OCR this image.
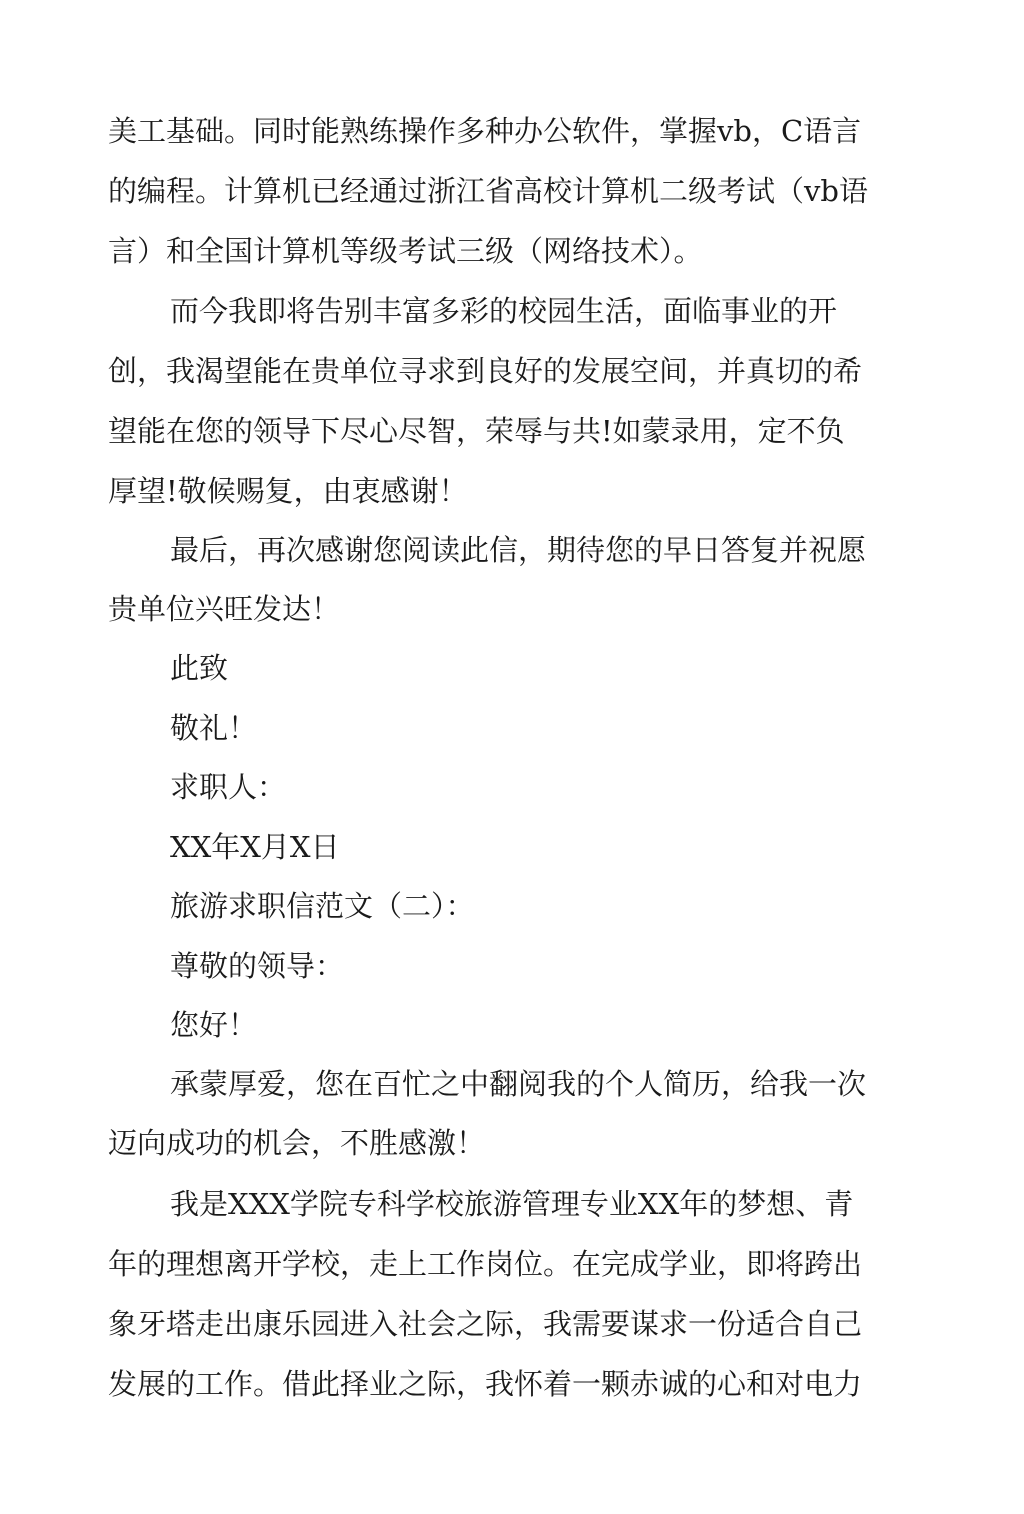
美工基础。同时能熟练操作多种办公软件，掌握vb，C语言
的编程。计算机已经通过浙江省高校计算机二级考试（vb语
言）和全国计算机等级考试三级（网络技术）。
而今我即将告别丰富多彩的校园生活，面临事业的开
创，我渴望能在贵单位寻求到良好的发展空间，并真切的希
望能在您的领导下尽心尽智，荣辱与共!如蒙录用，定不负
厚望!敬候赐复，由衷感谢！
最后，再次感谢您阅读此信，期待您的早日答复并祝愿
贵单位兴旺发达！
此致
敬礼！
求职人：
XX年X月X日
旅游求职信范文（二）：
尊敬的领导：
您好！
承蒙厚爱，您在百忙之中翻阅我的个人简历，给我一次
迈向成功的机会，不胜感激！
我是XXX学院专科学校旅游管理专业XX年的梦想、青
年的理想离开学校，走上工作岗位。在完成学业，即将跨出
象牙塔走出康乐园进入社会之际，我需要谋求一份适合自己
发展的工作。借此择业之际，我怀着一颗赤诚的心和对电力
